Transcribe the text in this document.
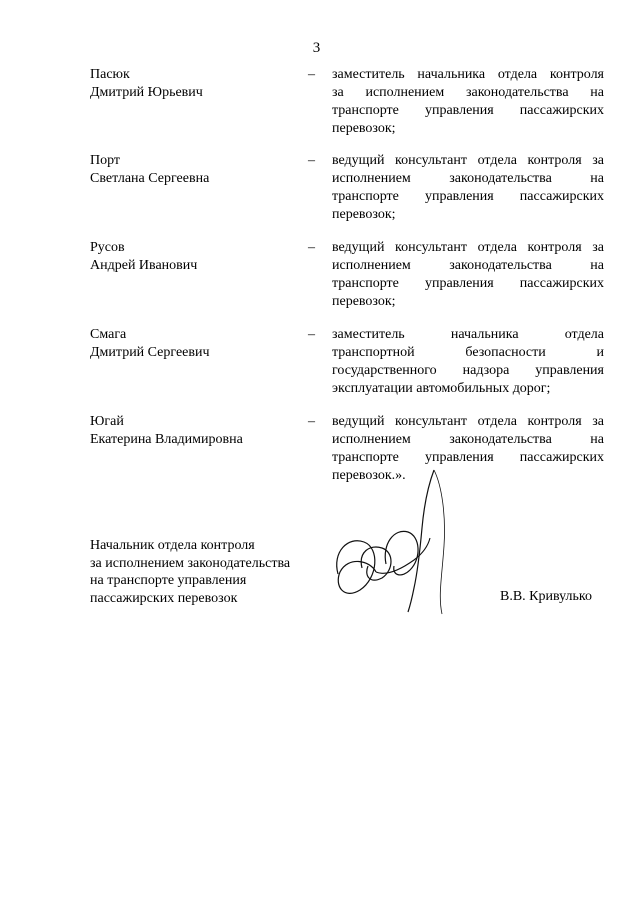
3
Пасюк
Дмитрий Юрьевич
– заместитель начальника отдела контроля
за исполнением законодательства на
транспорте управления пассажирских
перевозок;
Порт
Светлана Сергеевна
– ведущий консультант отдела контроля за
исполнением законодательства на
транспорте управления пассажирских
перевозок;
Русов
Андрей Иванович
– ведущий консультант отдела контроля за
исполнением законодательства на
транспорте управления пассажирских
перевозок;
Смага
Дмитрий Сергеевич
– заместитель начальника отдела
транспортной безопасности и
государственного надзора управления
эксплуатации автомобильных дорог;
Югай
Екатерина Владимировна
– ведущий консультант отдела контроля за
исполнением законодательства на
транспорте управления пассажирских
перевозок.».
Начальник отдела контроля
за исполнением законодательства
на транспорте управления
пассажирских перевозок	В.В. Кривулько
